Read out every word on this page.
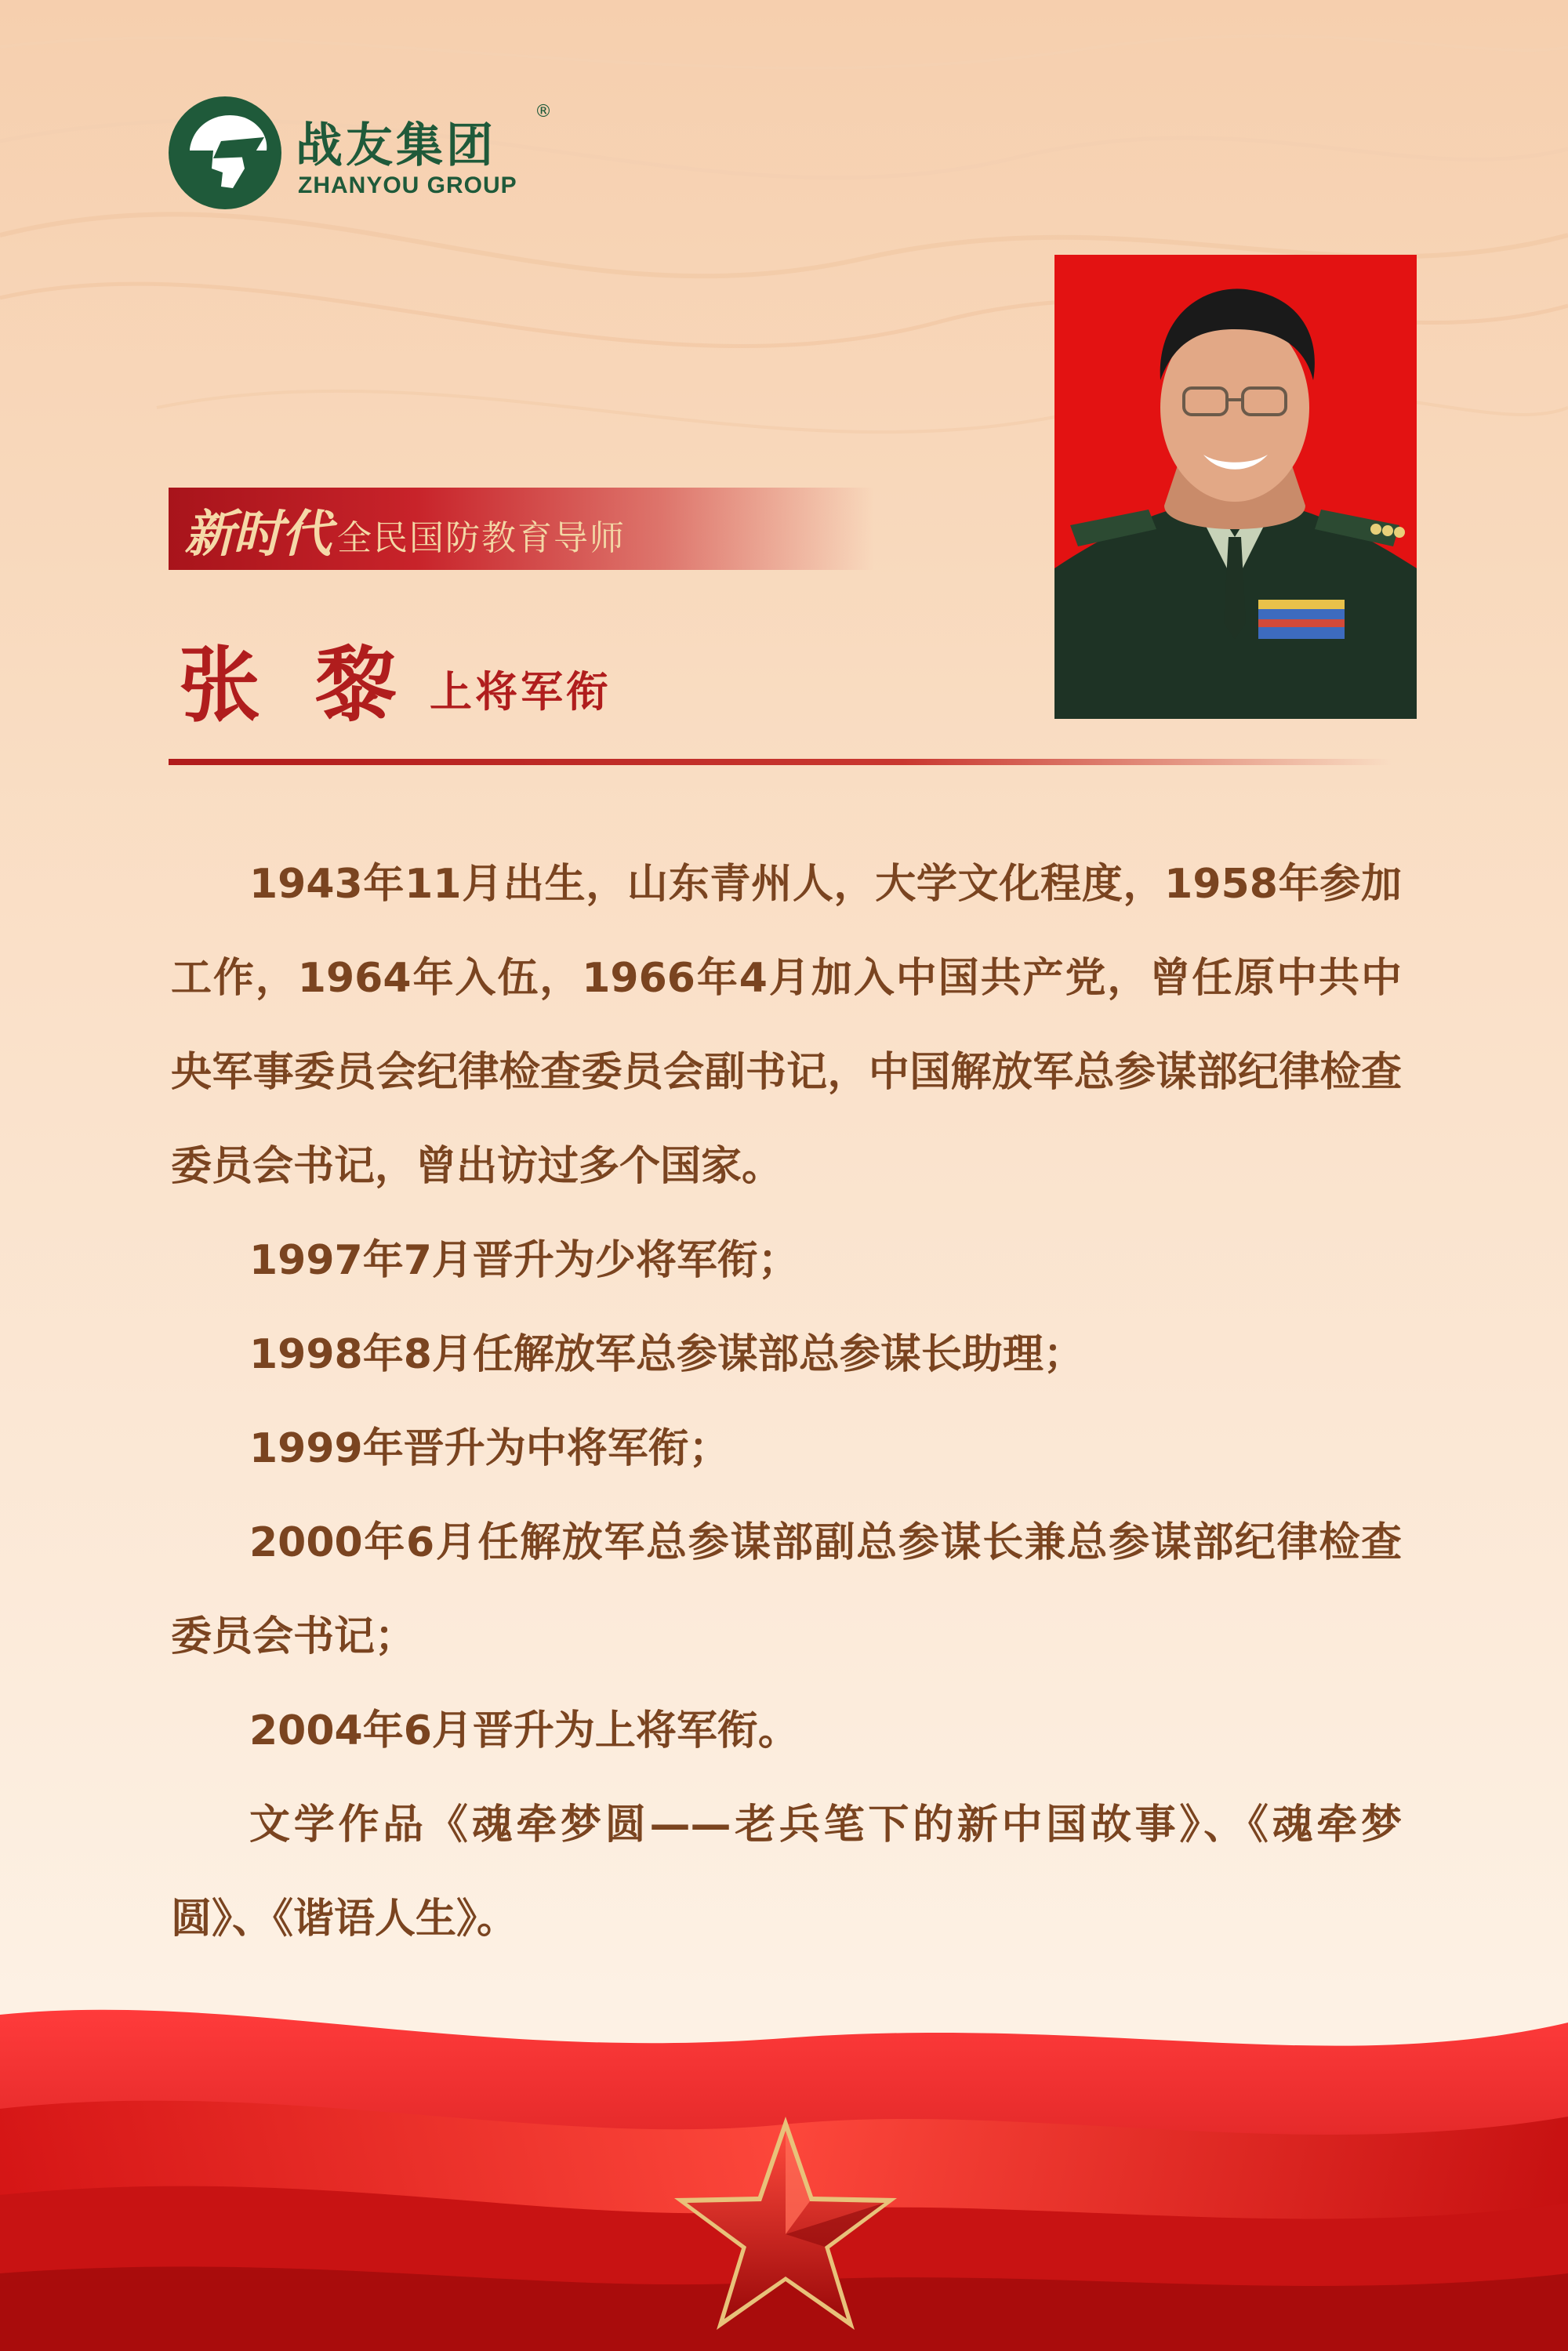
战友集团
®
ZHANYOU GROUP
新时代 全民国防教育导师
张黎
上将军衔

1943年11月出生，山东青州人，大学文化程度，1958年参加工作，1964年入伍，1966年4月加入中国共产党，曾任原中共中央军事委员会纪律检查委员会副书记，中国解放军总参谋部纪律检查委员会书记，曾出访过多个国家。

1997年7月晋升为少将军衔；

1998年8月任解放军总参谋部总参谋长助理；

1999年晋升为中将军衔；

2000年6月任解放军总参谋部副总参谋长兼总参谋部纪律检查委员会书记；

2004年6月晋升为上将军衔。

文学作品《魂牵梦圆——老兵笔下的新中国故事》、《魂牵梦圆》、《谐语人生》。
